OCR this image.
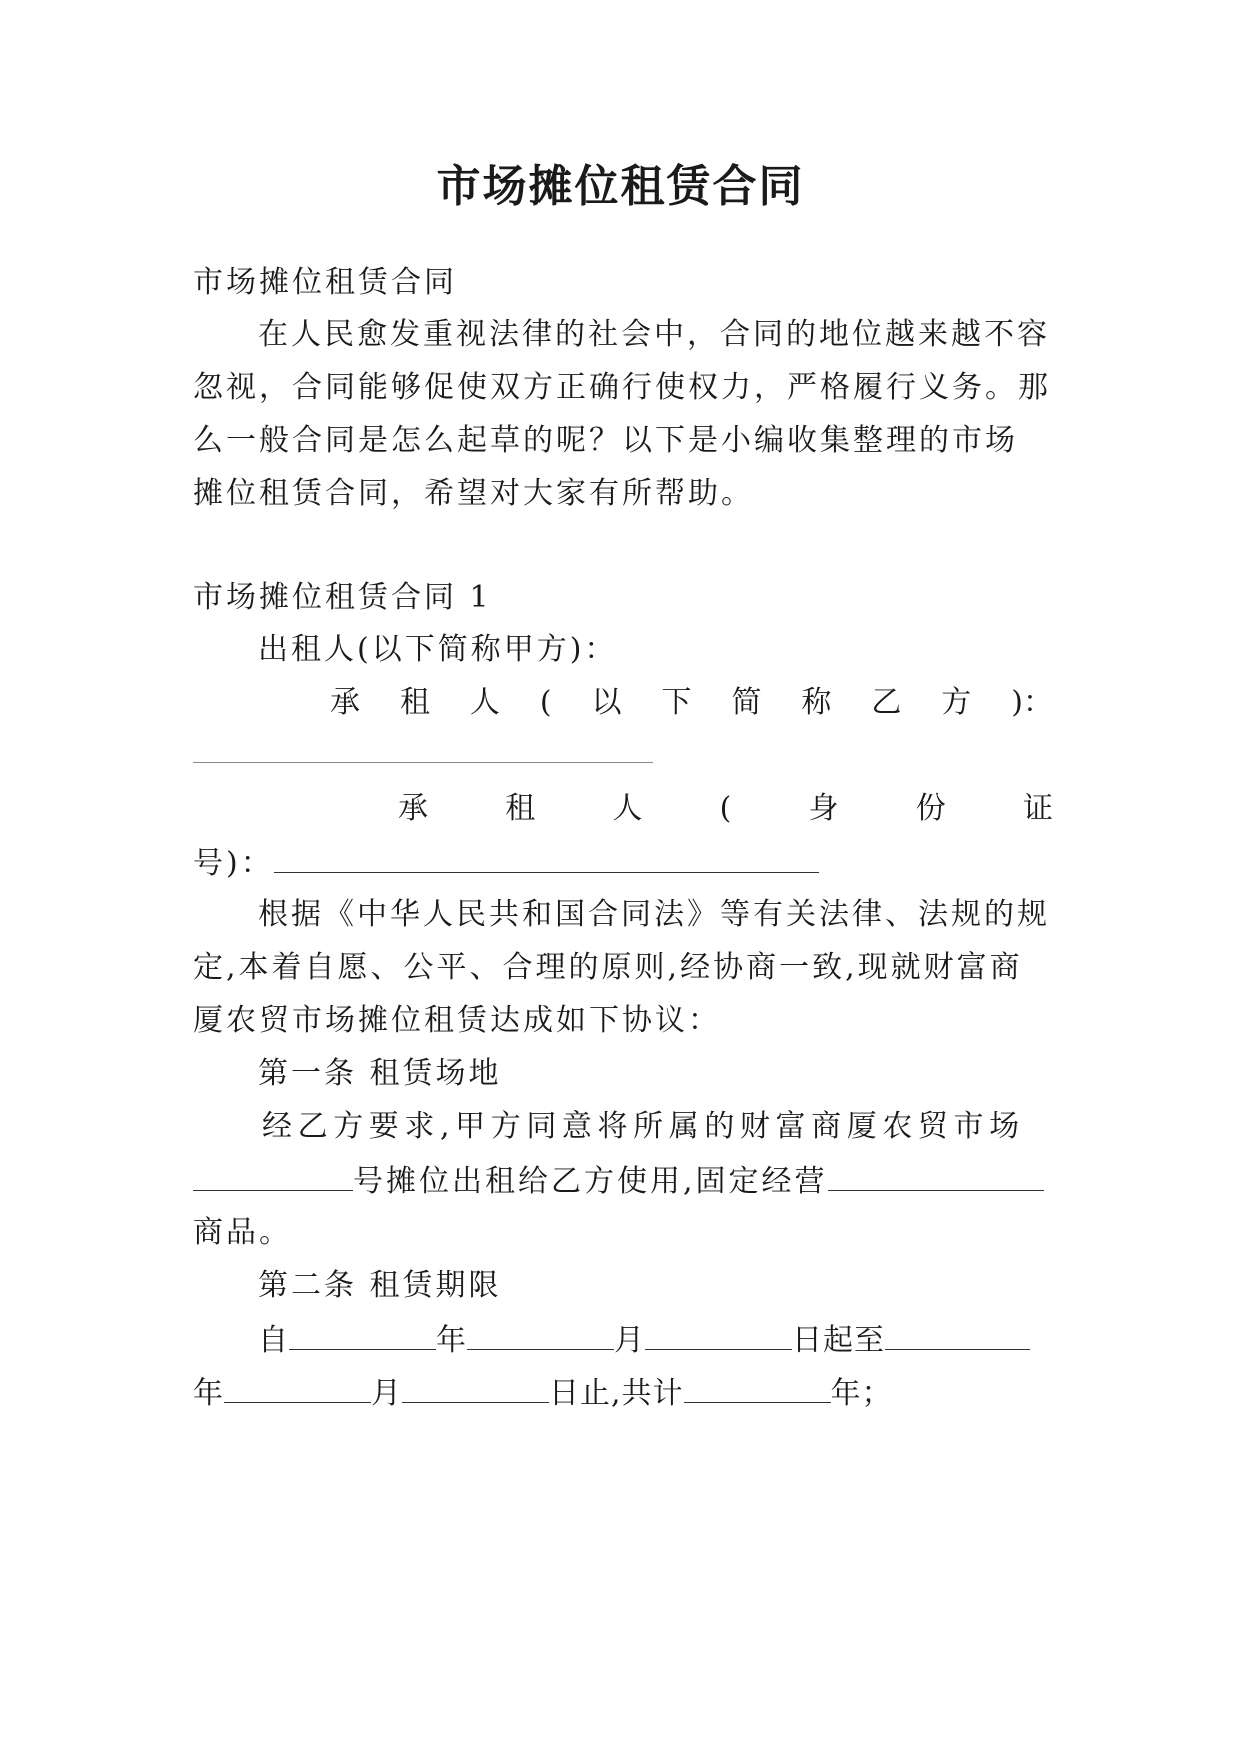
市场摊位租赁合同
市场摊位租赁合同
在人民愈发重视法律的社会中，合同的地位越来越不容
忽视，合同能够促使双方正确行使权力，严格履行义务。那
么一般合同是怎么起草的呢？以下是小编收集整理的市场
摊位租赁合同，希望对大家有所帮助。
市场摊位租赁合同 1
出租人(以下简称甲方)：
承 租 人 ( 以 下 简 称 乙 方 )：
承	租	人	(	身	份	证
号)：
根据《中华人民共和国合同法》等有关法律、法规的规
定,本着自愿、公平、合理的原则,经协商一致,现就财富商
厦农贸市场摊位租赁达成如下协议：
第一条 租赁场地
经乙方要求,甲方同意将所属的财富商厦农贸市场
号摊位出租给乙方使用,固定经营
商品。
第二条 租赁期限
自	年	月	日起至
年	月	日止,共计	年；
